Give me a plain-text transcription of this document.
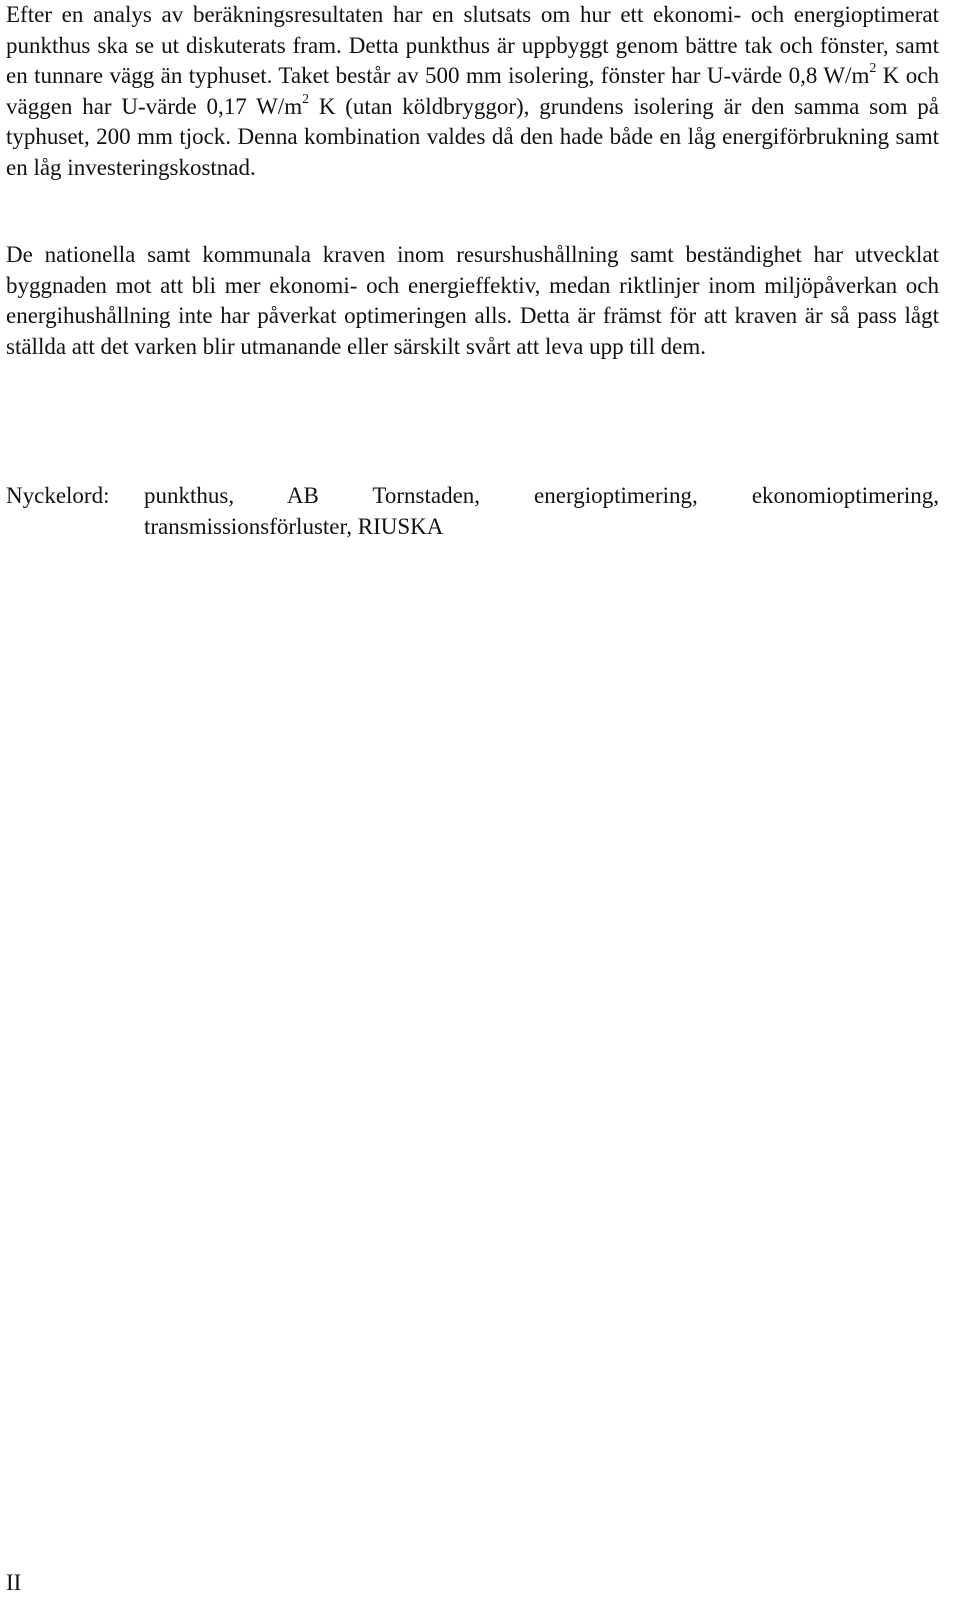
Efter en analys av beräkningsresultaten har en slutsats om hur ett ekonomi- och energioptimerat punkthus ska se ut diskuterats fram. Detta punkthus är uppbyggt genom bättre tak och fönster, samt en tunnare vägg än typhuset. Taket består av 500 mm isolering, fönster har U-värde 0,8 $W/m^2$ K och väggen har U-värde 0,17 $W/m^2$ K (utan köldbryggor), grundens isolering är den samma som på typhuset, 200 mm tjock. Denna kombination valdes då den hade både en låg energiförbrukning samt en låg investeringskostnad.

De nationella samt kommunala kraven inom resurshushållning samt beständighet har utvecklat byggnaden mot att bli mer ekonomi- och energieffektiv, medan riktlinjer inom miljöpåverkan och energihushållning inte har påverkat optimeringen alls. Detta är främst för att kraven är så pass lågt ställda att det varken blir utmanande eller särskilt svårt att leva upp till dem.

Nyckelord:	punkthus, AB Tornstaden, energioptimering, ekonomioptimering, transmissionsförluster, RIUSKA
II
